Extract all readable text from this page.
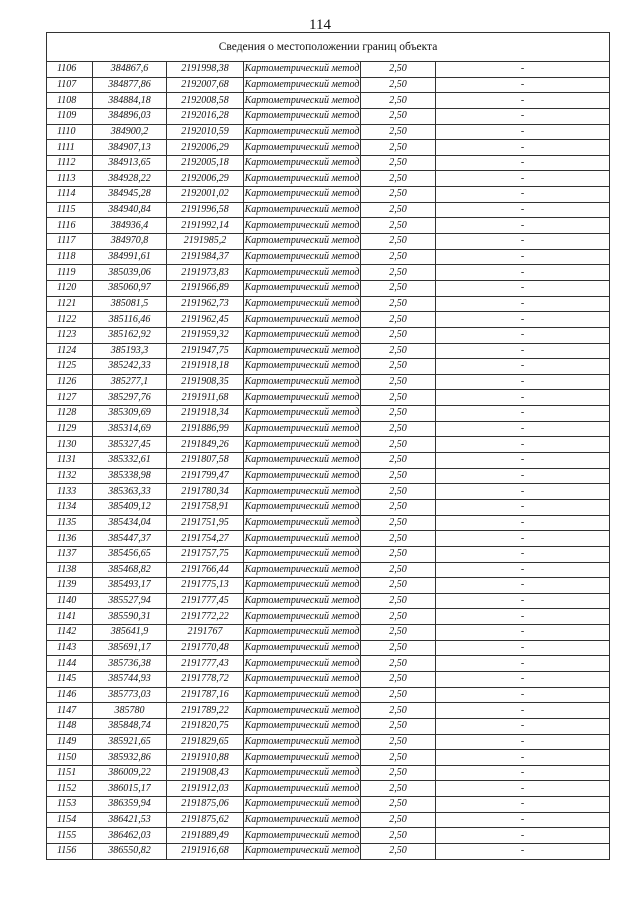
114
Сведения о местоположении границ объекта					
1106	384867,6	2191998,38	Картометрический метод	2,50	-
1107	384877,86	2192007,68	Картометрический метод	2,50	-
1108	384884,18	2192008,58	Картометрический метод	2,50	-
1109	384896,03	2192016,28	Картометрический метод	2,50	-
1110	384900,2	2192010,59	Картометрический метод	2,50	-
1111	384907,13	2192006,29	Картометрический метод	2,50	-
1112	384913,65	2192005,18	Картометрический метод	2,50	-
1113	384928,22	2192006,29	Картометрический метод	2,50	-
1114	384945,28	2192001,02	Картометрический метод	2,50	-
1115	384940,84	2191996,58	Картометрический метод	2,50	-
1116	384936,4	2191992,14	Картометрический метод	2,50	-
1117	384970,8	2191985,2	Картометрический метод	2,50	-
1118	384991,61	2191984,37	Картометрический метод	2,50	-
1119	385039,06	2191973,83	Картометрический метод	2,50	-
1120	385060,97	2191966,89	Картометрический метод	2,50	-
1121	385081,5	2191962,73	Картометрический метод	2,50	-
1122	385116,46	2191962,45	Картометрический метод	2,50	-
1123	385162,92	2191959,32	Картометрический метод	2,50	-
1124	385193,3	2191947,75	Картометрический метод	2,50	-
1125	385242,33	2191918,18	Картометрический метод	2,50	-
1126	385277,1	2191908,35	Картометрический метод	2,50	-
1127	385297,76	2191911,68	Картометрический метод	2,50	-
1128	385309,69	2191918,34	Картометрический метод	2,50	-
1129	385314,69	2191886,99	Картометрический метод	2,50	-
1130	385327,45	2191849,26	Картометрический метод	2,50	-
1131	385332,61	2191807,58	Картометрический метод	2,50	-
1132	385338,98	2191799,47	Картометрический метод	2,50	-
1133	385363,33	2191780,34	Картометрический метод	2,50	-
1134	385409,12	2191758,91	Картометрический метод	2,50	-
1135	385434,04	2191751,95	Картометрический метод	2,50	-
1136	385447,37	2191754,27	Картометрический метод	2,50	-
1137	385456,65	2191757,75	Картометрический метод	2,50	-
1138	385468,82	2191766,44	Картометрический метод	2,50	-
1139	385493,17	2191775,13	Картометрический метод	2,50	-
1140	385527,94	2191777,45	Картометрический метод	2,50	-
1141	385590,31	2191772,22	Картометрический метод	2,50	-
1142	385641,9	2191767	Картометрический метод	2,50	-
1143	385691,17	2191770,48	Картометрический метод	2,50	-
1144	385736,38	2191777,43	Картометрический метод	2,50	-
1145	385744,93	2191778,72	Картометрический метод	2,50	-
1146	385773,03	2191787,16	Картометрический метод	2,50	-
1147	385780	2191789,22	Картометрический метод	2,50	-
1148	385848,74	2191820,75	Картометрический метод	2,50	-
1149	385921,65	2191829,65	Картометрический метод	2,50	-
1150	385932,86	2191910,88	Картометрический метод	2,50	-
1151	386009,22	2191908,43	Картометрический метод	2,50	-
1152	386015,17	2191912,03	Картометрический метод	2,50	-
1153	386359,94	2191875,06	Картометрический метод	2,50	-
1154	386421,53	2191875,62	Картометрический метод	2,50	-
1155	386462,03	2191889,49	Картометрический метод	2,50	-
1156	386550,82	2191916,68	Картометрический метод	2,50	-
